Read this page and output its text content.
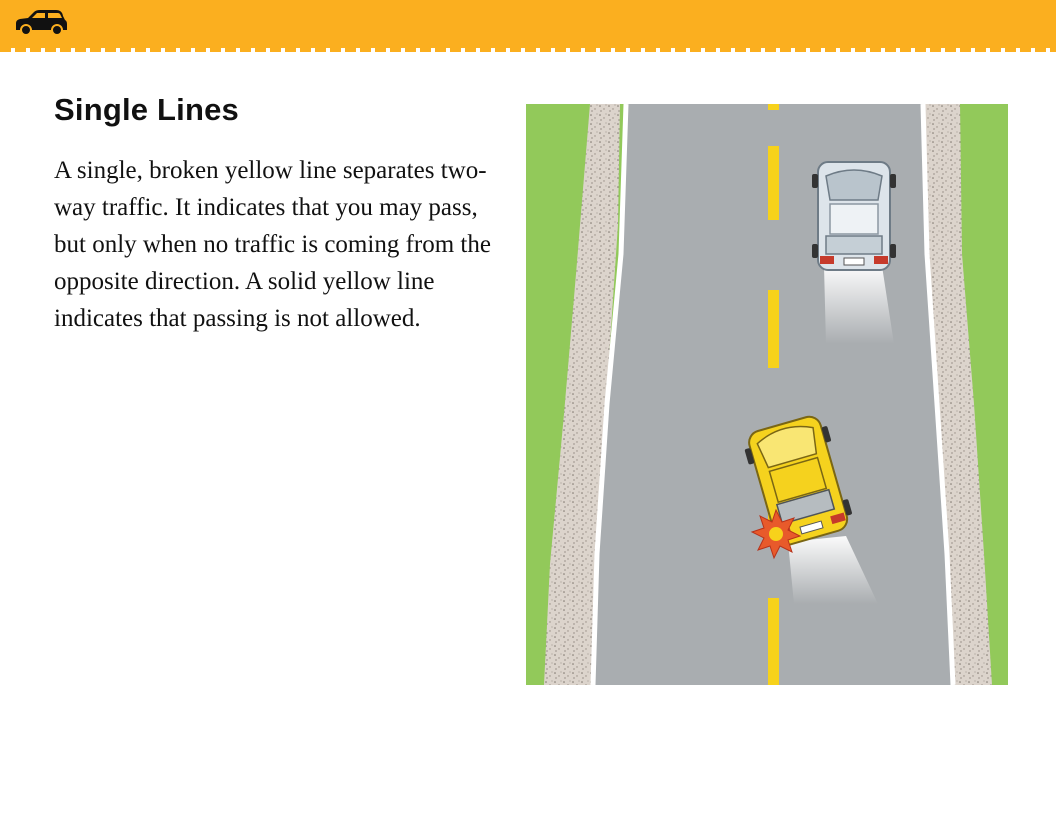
Single Lines

A single, broken yellow line separates two-way traffic. It indicates that you may pass, but only when no traffic is coming from the opposite direction. A solid yellow line indicates that passing is not allowed.
